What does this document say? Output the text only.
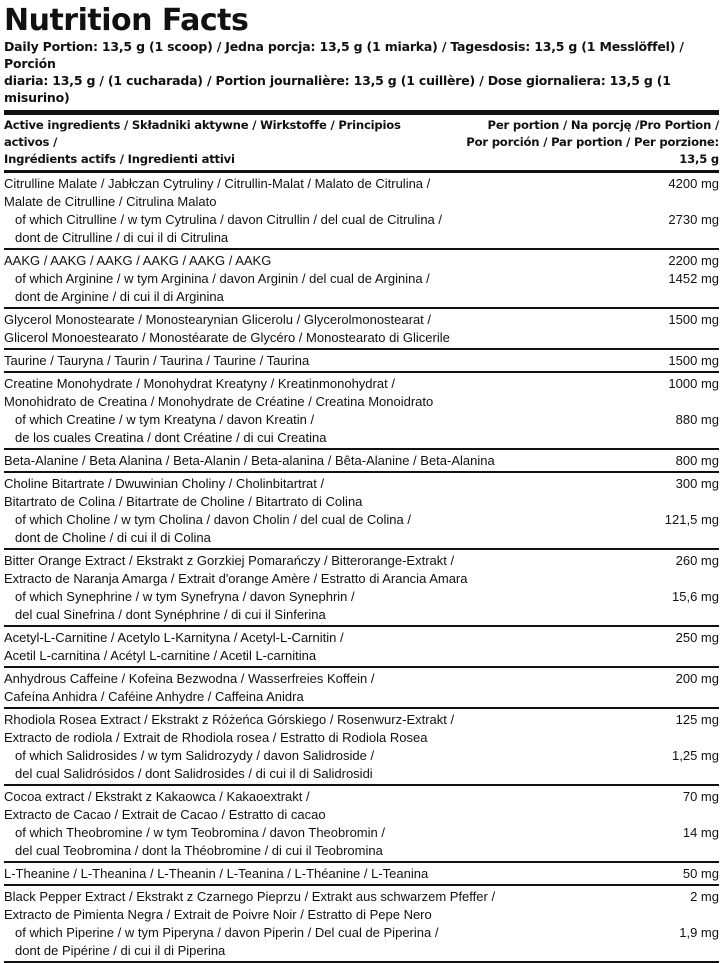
Nutrition Facts
Daily Portion: 13,5 g (1 scoop) / Jedna porcja: 13,5 g (1 miarka) / Tagesdosis: 13,5 g (1 Messlöffel) / Porción
diaria: 13,5 g / (1 cucharada) / Portion journalière: 13,5 g (1 cuillère) / Dose giornaliera: 13,5 g (1 misurino)
Active ingredients / Składniki aktywne / Wirkstoffe / Principios activos /
Ingrédients actifs / Ingredienti attivi
Per portion / Na porcję /Pro Portion /
Por porción / Par portion / Per porzione: 13,5 g
Citrulline Malate / Jabłczan Cytruliny / Citrullin-Malat / Malato de Citrulina /	4200 mg
Malate de Citrulline / Citrulina Malato
of which Citrulline / w tym Cytrulina / davon Citrullin / del cual de Citrulina /	2730 mg
dont de Citrulline / di cui il di Citrulina
AAKG / AAKG / AAKG / AAKG / AAKG / AAKG	2200 mg
of which Arginine / w tym Arginina / davon Arginin / del cual de Arginina /	1452 mg
dont de Arginine / di cui il di Arginina
Glycerol Monostearate / Monostearynian Glicerolu / Glycerolmonostearat /	1500 mg
Glicerol Monoestearato / Monostéarate de Glycéro / Monostearato di Glicerile
Taurine / Tauryna / Taurin / Taurina / Taurine / Taurina	1500 mg
Creatine Monohydrate / Monohydrat Kreatyny / Kreatinmonohydrat /	1000 mg
Monohidrato de Creatina / Monohydrate de Créatine / Creatina Monoidrato
of which Creatine / w tym Kreatyna / davon Kreatin /	880 mg
de los cuales Creatina / dont Créatine / di cui Creatina
Beta-Alanine / Beta Alanina / Beta-Alanin / Beta-alanina / Bêta-Alanine / Beta-Alanina	800 mg
Choline Bitartrate / Dwuwinian Choliny / Cholinbitartrat /	300 mg
Bitartrato de Colina / Bitartrate de Choline / Bitartrato di Colina
of which Choline / w tym Cholina / davon Cholin / del cual de Colina /	121,5 mg
dont de Choline / di cui il di Colina
Bitter Orange Extract / Ekstrakt z Gorzkiej Pomarańczy / Bitterorange-Extrakt /	260 mg
Extracto de Naranja Amarga / Extrait d'orange Amère / Estratto di Arancia Amara
of which Synephrine / w tym Synefryna / davon Synephrin /	15,6 mg
del cual Sinefrina / dont Synéphrine / di cui il Sinferina
Acetyl-L-Carnitine / Acetylo L-Karnityna / Acetyl-L-Carnitin /	250 mg
Acetil L-carnitina / Acétyl L-carnitine / Acetil L-carnitina
Anhydrous Caffeine / Kofeina Bezwodna / Wasserfreies Koffein /	200 mg
Cafeína Anhidra / Caféine Anhydre / Caffeina Anidra
Rhodiola Rosea Extract / Ekstrakt z Różeńca Górskiego / Rosenwurz-Extrakt /	125 mg
Extracto de rodiola / Extrait de Rhodiola rosea / Estratto di Rodiola Rosea
of which Salidrosides / w tym Salidrozydy / davon Salidroside /	1,25 mg
del cual Salidrósidos / dont Salidrosides / di cui il di Salidrosidi
Cocoa extract / Ekstrakt z Kakaowca / Kakaoextrakt /	70 mg
Extracto de Cacao / Extrait de Cacao / Estratto di cacao
of which Theobromine / w tym Teobromina / davon Theobromin /	14 mg
del cual Teobromina / dont la Théobromine / di cui il Teobromina
L-Theanine / L-Theanina / L-Theanin / L-Teanina / L-Théanine / L-Teanina	50 mg
Black Pepper Extract / Ekstrakt z Czarnego Pieprzu / Extrakt aus schwarzem Pfeffer /	2 mg
Extracto de Pimienta Negra / Extrait de Poivre Noir / Estratto di Pepe Nero
of which Piperine / w tym Piperyna / davon Piperin / Del cual de Piperina /	1,9 mg
dont de Pipérine / di cui il di Piperina
